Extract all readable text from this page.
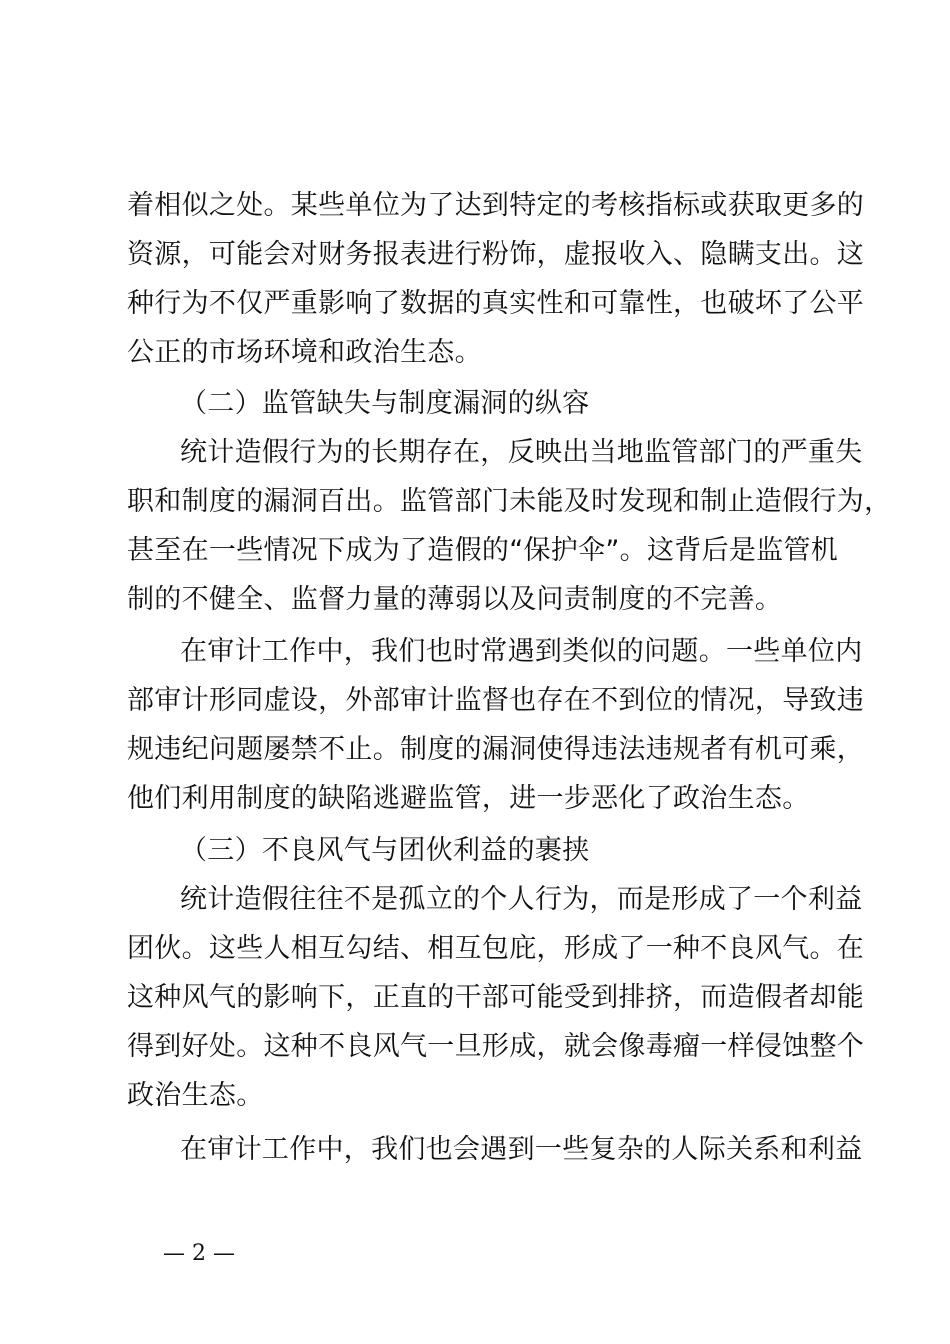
着相似之处。某些单位为了达到特定的考核指标或获取更多的

资源，可能会对财务报表进行粉饰，虚报收入、隐瞒支出。这

种行为不仅严重影响了数据的真实性和可靠性，也破坏了公平

公正的市场环境和政治生态。

（二）监管缺失与制度漏洞的纵容

统计造假行为的长期存在，反映出当地监管部门的严重失

职和制度的漏洞百出。监管部门未能及时发现和制止造假行为，

甚至在一些情况下成为了造假的“保护伞”。这背后是监管机

制的不健全、监督力量的薄弱以及问责制度的不完善。

在审计工作中，我们也时常遇到类似的问题。一些单位内

部审计形同虚设，外部审计监督也存在不到位的情况，导致违

规违纪问题屡禁不止。制度的漏洞使得违法违规者有机可乘，

他们利用制度的缺陷逃避监管，进一步恶化了政治生态。

（三）不良风气与团伙利益的裹挟

统计造假往往不是孤立的个人行为，而是形成了一个利益

团伙。这些人相互勾结、相互包庇，形成了一种不良风气。在

这种风气的影响下，正直的干部可能受到排挤，而造假者却能

得到好处。这种不良风气一旦形成，就会像毒瘤一样侵蚀整个

政治生态。

在审计工作中，我们也会遇到一些复杂的人际关系和利益

— 2 —
